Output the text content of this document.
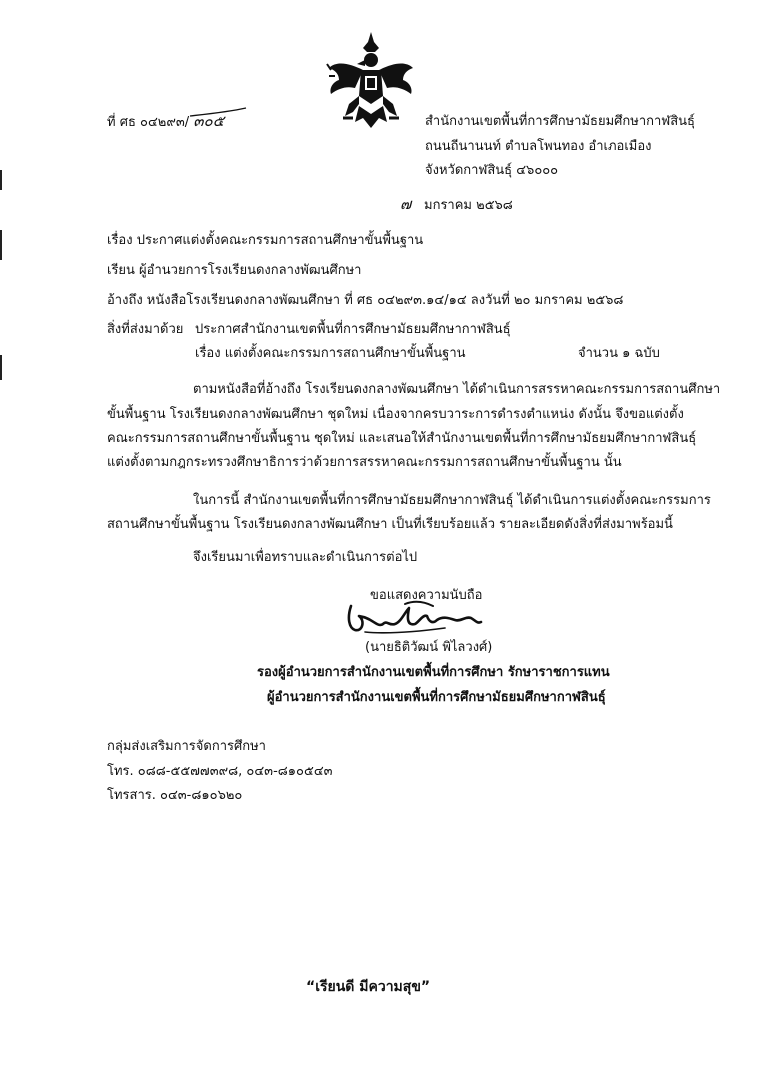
ที่ ศธ ๐๔๒๙๓/ ๓๐๕	สำนักงานเขตพื้นที่การศึกษามัธยมศึกษากาฬสินธุ์
ถนนถีนานนท์ ตำบลโพนทอง อำเภอเมือง
จังหวัดกาฬสินธุ์ ๔๖๐๐๐
๗ มกราคม ๒๕๖๘
เรื่อง ประกาศแต่งตั้งคณะกรรมการสถานศึกษาขั้นพื้นฐาน
เรียน ผู้อำนวยการโรงเรียนดงกลางพัฒนศึกษา
อ้างถึง หนังสือโรงเรียนดงกลางพัฒนศึกษา ที่ ศธ ๐๔๒๙๓.๑๔/๑๔ ลงวันที่ ๒๐ มกราคม ๒๕๖๘
สิ่งที่ส่งมาด้วย ประกาศสำนักงานเขตพื้นที่การศึกษามัธยมศึกษากาฬสินธุ์
เรื่อง แต่งตั้งคณะกรรมการสถานศึกษาขั้นพื้นฐาน	จำนวน ๑ ฉบับ
ตามหนังสือที่อ้างถึง โรงเรียนดงกลางพัฒนศึกษา ได้ดำเนินการสรรหาคณะกรรมการสถานศึกษา
ขั้นพื้นฐาน โรงเรียนดงกลางพัฒนศึกษา ชุดใหม่ เนื่องจากครบวาระการดำรงตำแหน่ง ดังนั้น จึงขอแต่งตั้ง
คณะกรรมการสถานศึกษาขั้นพื้นฐาน ชุดใหม่ และเสนอให้สำนักงานเขตพื้นที่การศึกษามัธยมศึกษากาฬสินธุ์
แต่งตั้งตามกฎกระทรวงศึกษาธิการว่าด้วยการสรรหาคณะกรรมการสถานศึกษาขั้นพื้นฐาน นั้น
ในการนี้ สำนักงานเขตพื้นที่การศึกษามัธยมศึกษากาฬสินธุ์ ได้ดำเนินการแต่งตั้งคณะกรรมการ
สถานศึกษาขั้นพื้นฐาน โรงเรียนดงกลางพัฒนศึกษา เป็นที่เรียบร้อยแล้ว รายละเอียดดังสิ่งที่ส่งมาพร้อมนี้
จึงเรียนมาเพื่อทราบและดำเนินการต่อไป
ขอแสดงความนับถือ
(นายธิติวัฒน์ พิไลวงศ์)
รองผู้อำนวยการสำนักงานเขตพื้นที่การศึกษา รักษาราชการแทน
ผู้อำนวยการสำนักงานเขตพื้นที่การศึกษามัธยมศึกษากาฬสินธุ์
กลุ่มส่งเสริมการจัดการศึกษา
โทร. ๐๘๘-๕๕๗๗๓๙๘, ๐๔๓-๘๑๐๕๔๓
โทรสาร. ๐๔๓-๘๑๐๖๒๐
“เรียนดี มีความสุข”
